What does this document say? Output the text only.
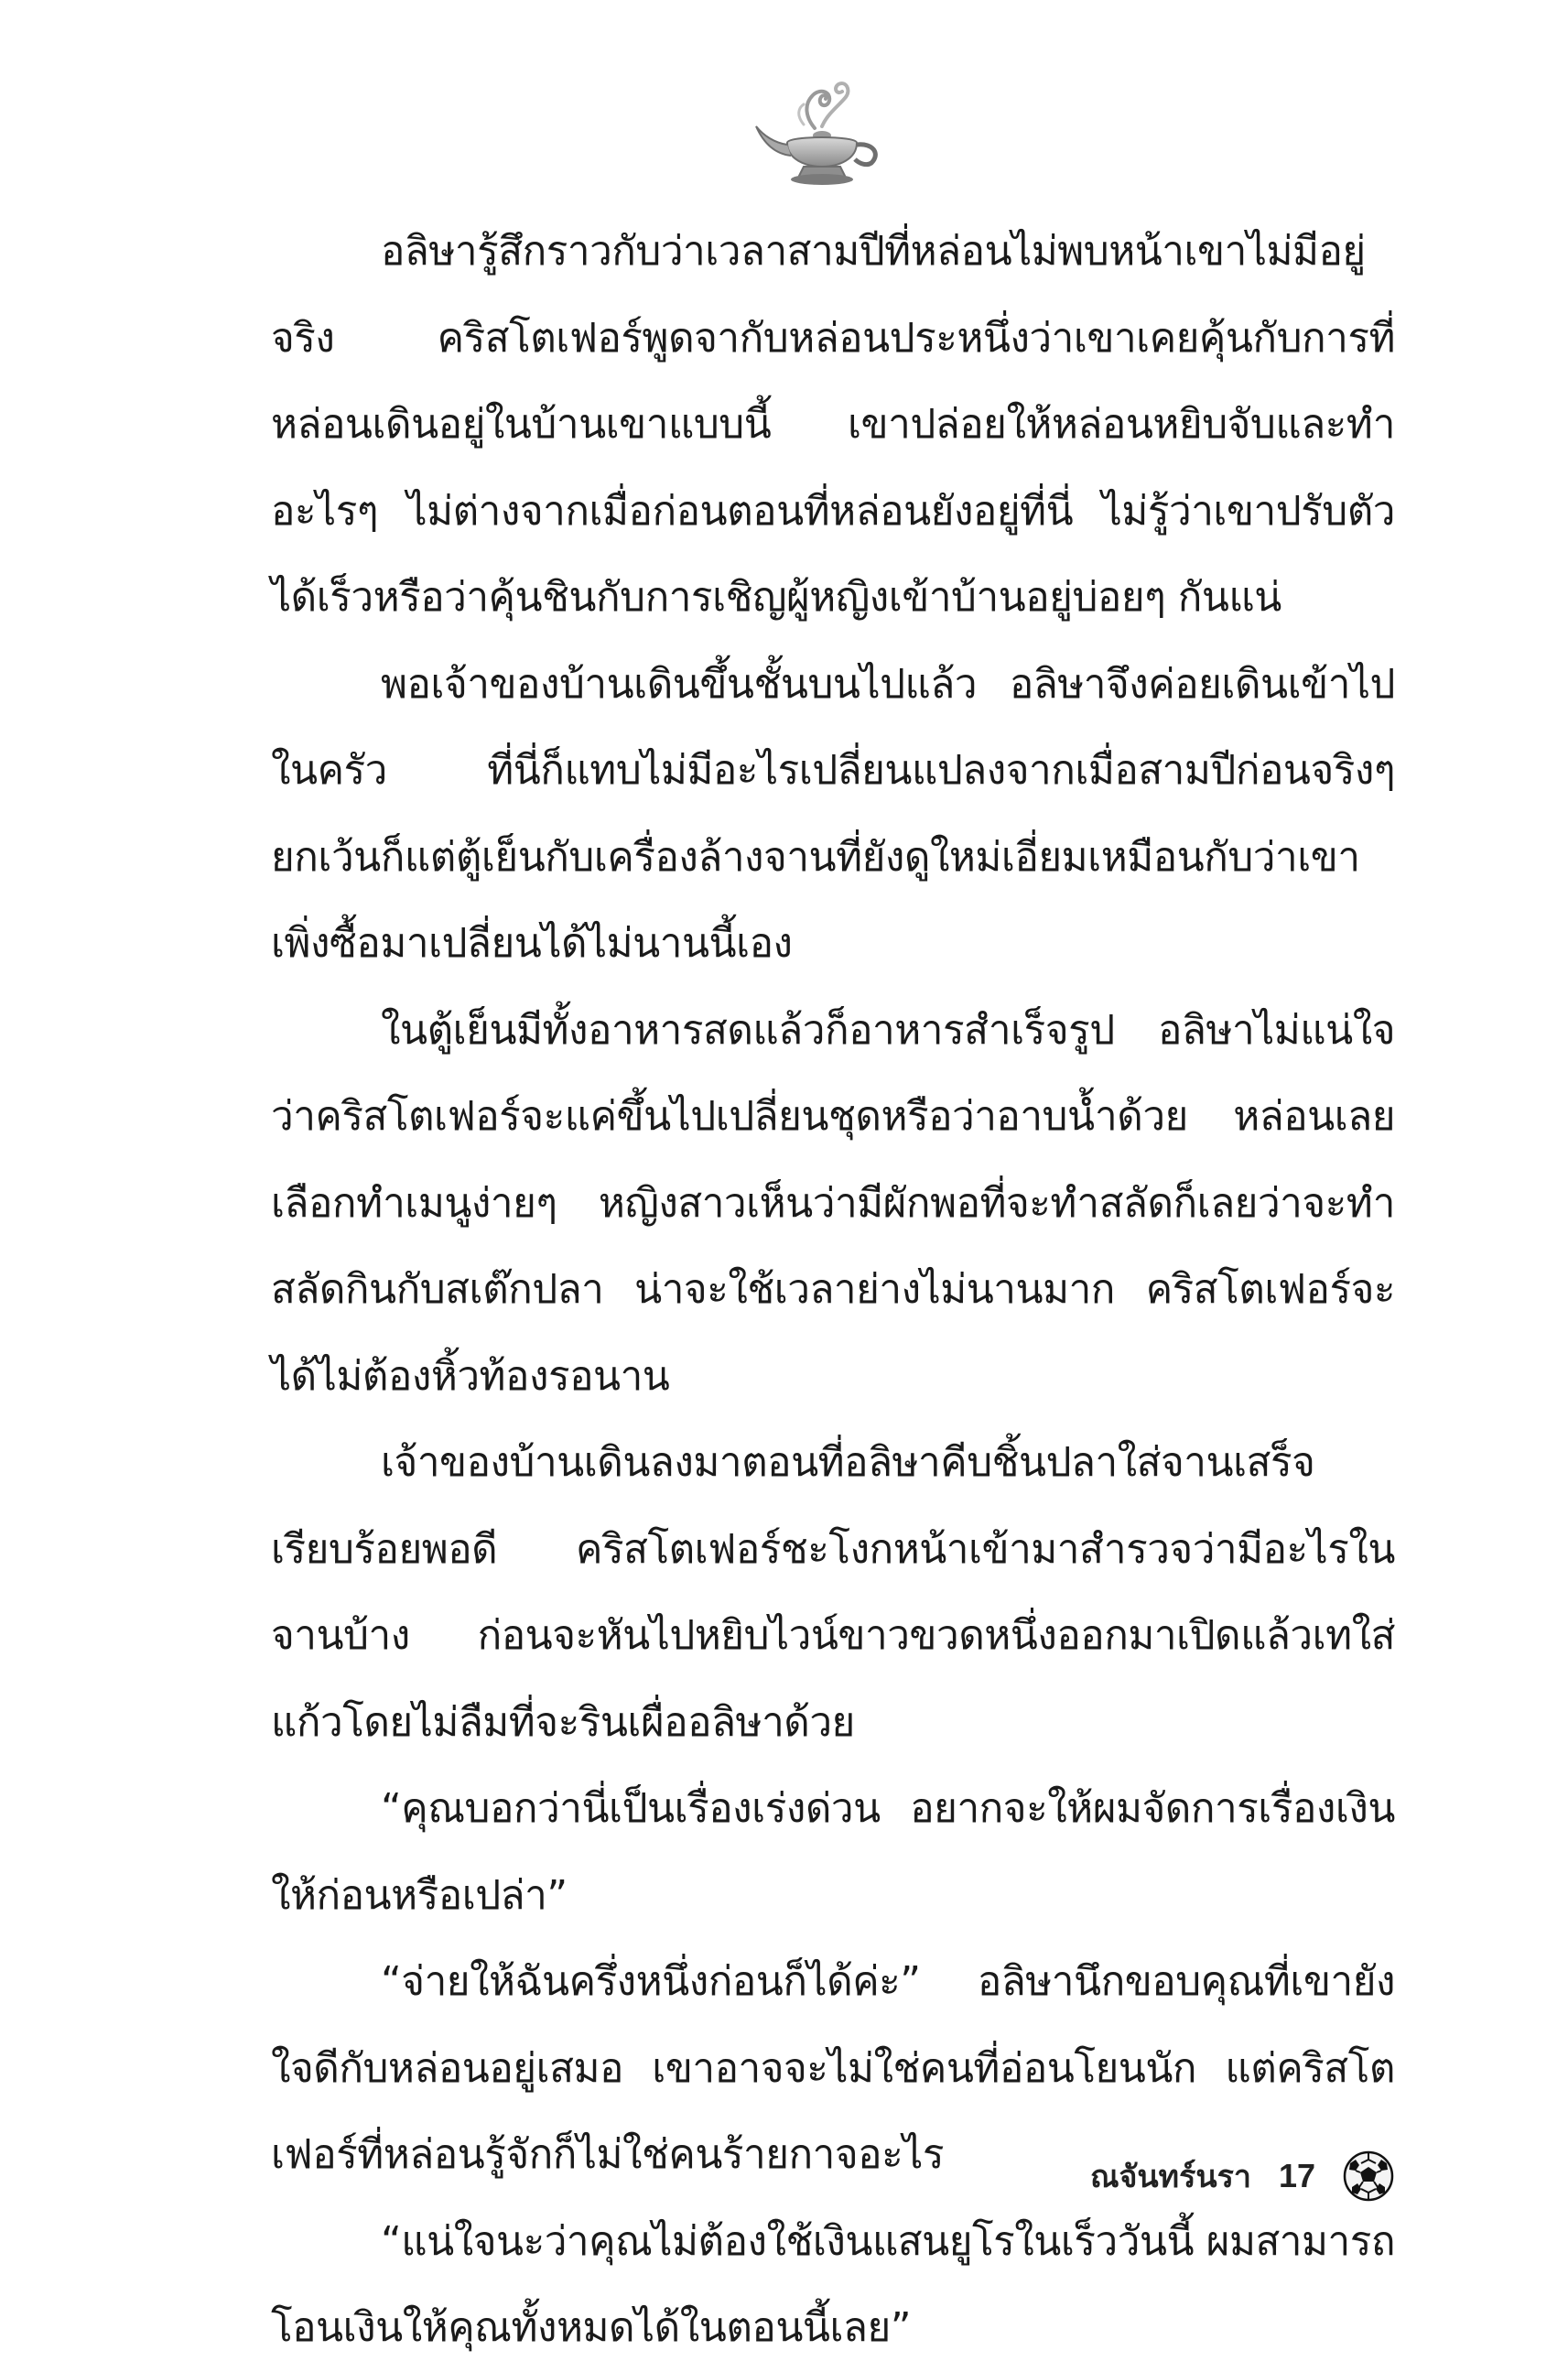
อลิษารู้สึกราวกับว่าเวลาสามปีที่หล่อนไม่พบหน้าเขาไม่มีอยู่จริง คริสโตเฟอร์พูดจากับหล่อนประหนึ่งว่าเขาเคยคุ้นกับการที่หล่อนเดินอยู่ในบ้านเขาแบบนี้ เขาปล่อยให้หล่อนหยิบจับและทำอะไรๆ ไม่ต่างจากเมื่อก่อนตอนที่หล่อนยังอยู่ที่นี่ ไม่รู้ว่าเขาปรับตัวได้เร็วหรือว่าคุ้นชินกับการเชิญผู้หญิงเข้าบ้านอยู่บ่อยๆ กันแน่

พอเจ้าของบ้านเดินขึ้นชั้นบนไปแล้ว อลิษาจึงค่อยเดินเข้าไปในครัว ที่นี่ก็แทบไม่มีอะไรเปลี่ยนแปลงจากเมื่อสามปีก่อนจริงๆ ยกเว้นก็แต่ตู้เย็นกับเครื่องล้างจานที่ยังดูใหม่เอี่ยมเหมือนกับว่าเขาเพิ่งซื้อมาเปลี่ยนได้ไม่นานนี้เอง

ในตู้เย็นมีทั้งอาหารสดแล้วก็อาหารสำเร็จรูป อลิษาไม่แน่ใจว่าคริสโตเฟอร์จะแค่ขึ้นไปเปลี่ยนชุดหรือว่าอาบน้ำด้วย หล่อนเลยเลือกทำเมนูง่ายๆ หญิงสาวเห็นว่ามีผักพอที่จะทำสลัดก็เลยว่าจะทำสลัดกินกับสเต๊กปลา น่าจะใช้เวลาย่างไม่นานมาก คริสโตเฟอร์จะได้ไม่ต้องหิ้วท้องรอนาน

เจ้าของบ้านเดินลงมาตอนที่อลิษาคีบชิ้นปลาใส่จานเสร็จเรียบร้อยพอดี คริสโตเฟอร์ชะโงกหน้าเข้ามาสำรวจว่ามีอะไรในจานบ้าง ก่อนจะหันไปหยิบไวน์ขาวขวดหนึ่งออกมาเปิดแล้วเทใส่แก้วโดยไม่ลืมที่จะรินเผื่ออลิษาด้วย

“คุณบอกว่านี่เป็นเรื่องเร่งด่วน อยากจะให้ผมจัดการเรื่องเงินให้ก่อนหรือเปล่า”

“จ่ายให้ฉันครึ่งหนึ่งก่อนก็ได้ค่ะ” อลิษานึกขอบคุณที่เขายังใจดีกับหล่อนอยู่เสมอ เขาอาจจะไม่ใช่คนที่อ่อนโยนนัก แต่คริสโตเฟอร์ที่หล่อนรู้จักก็ไม่ใช่คนร้ายกาจอะไร

“แน่ใจนะว่าคุณไม่ต้องใช้เงินแสนยูโรในเร็ววันนี้ ผมสามารถโอนเงินให้คุณทั้งหมดได้ในตอนนี้เลย”

ณจันทร์นรา 17
